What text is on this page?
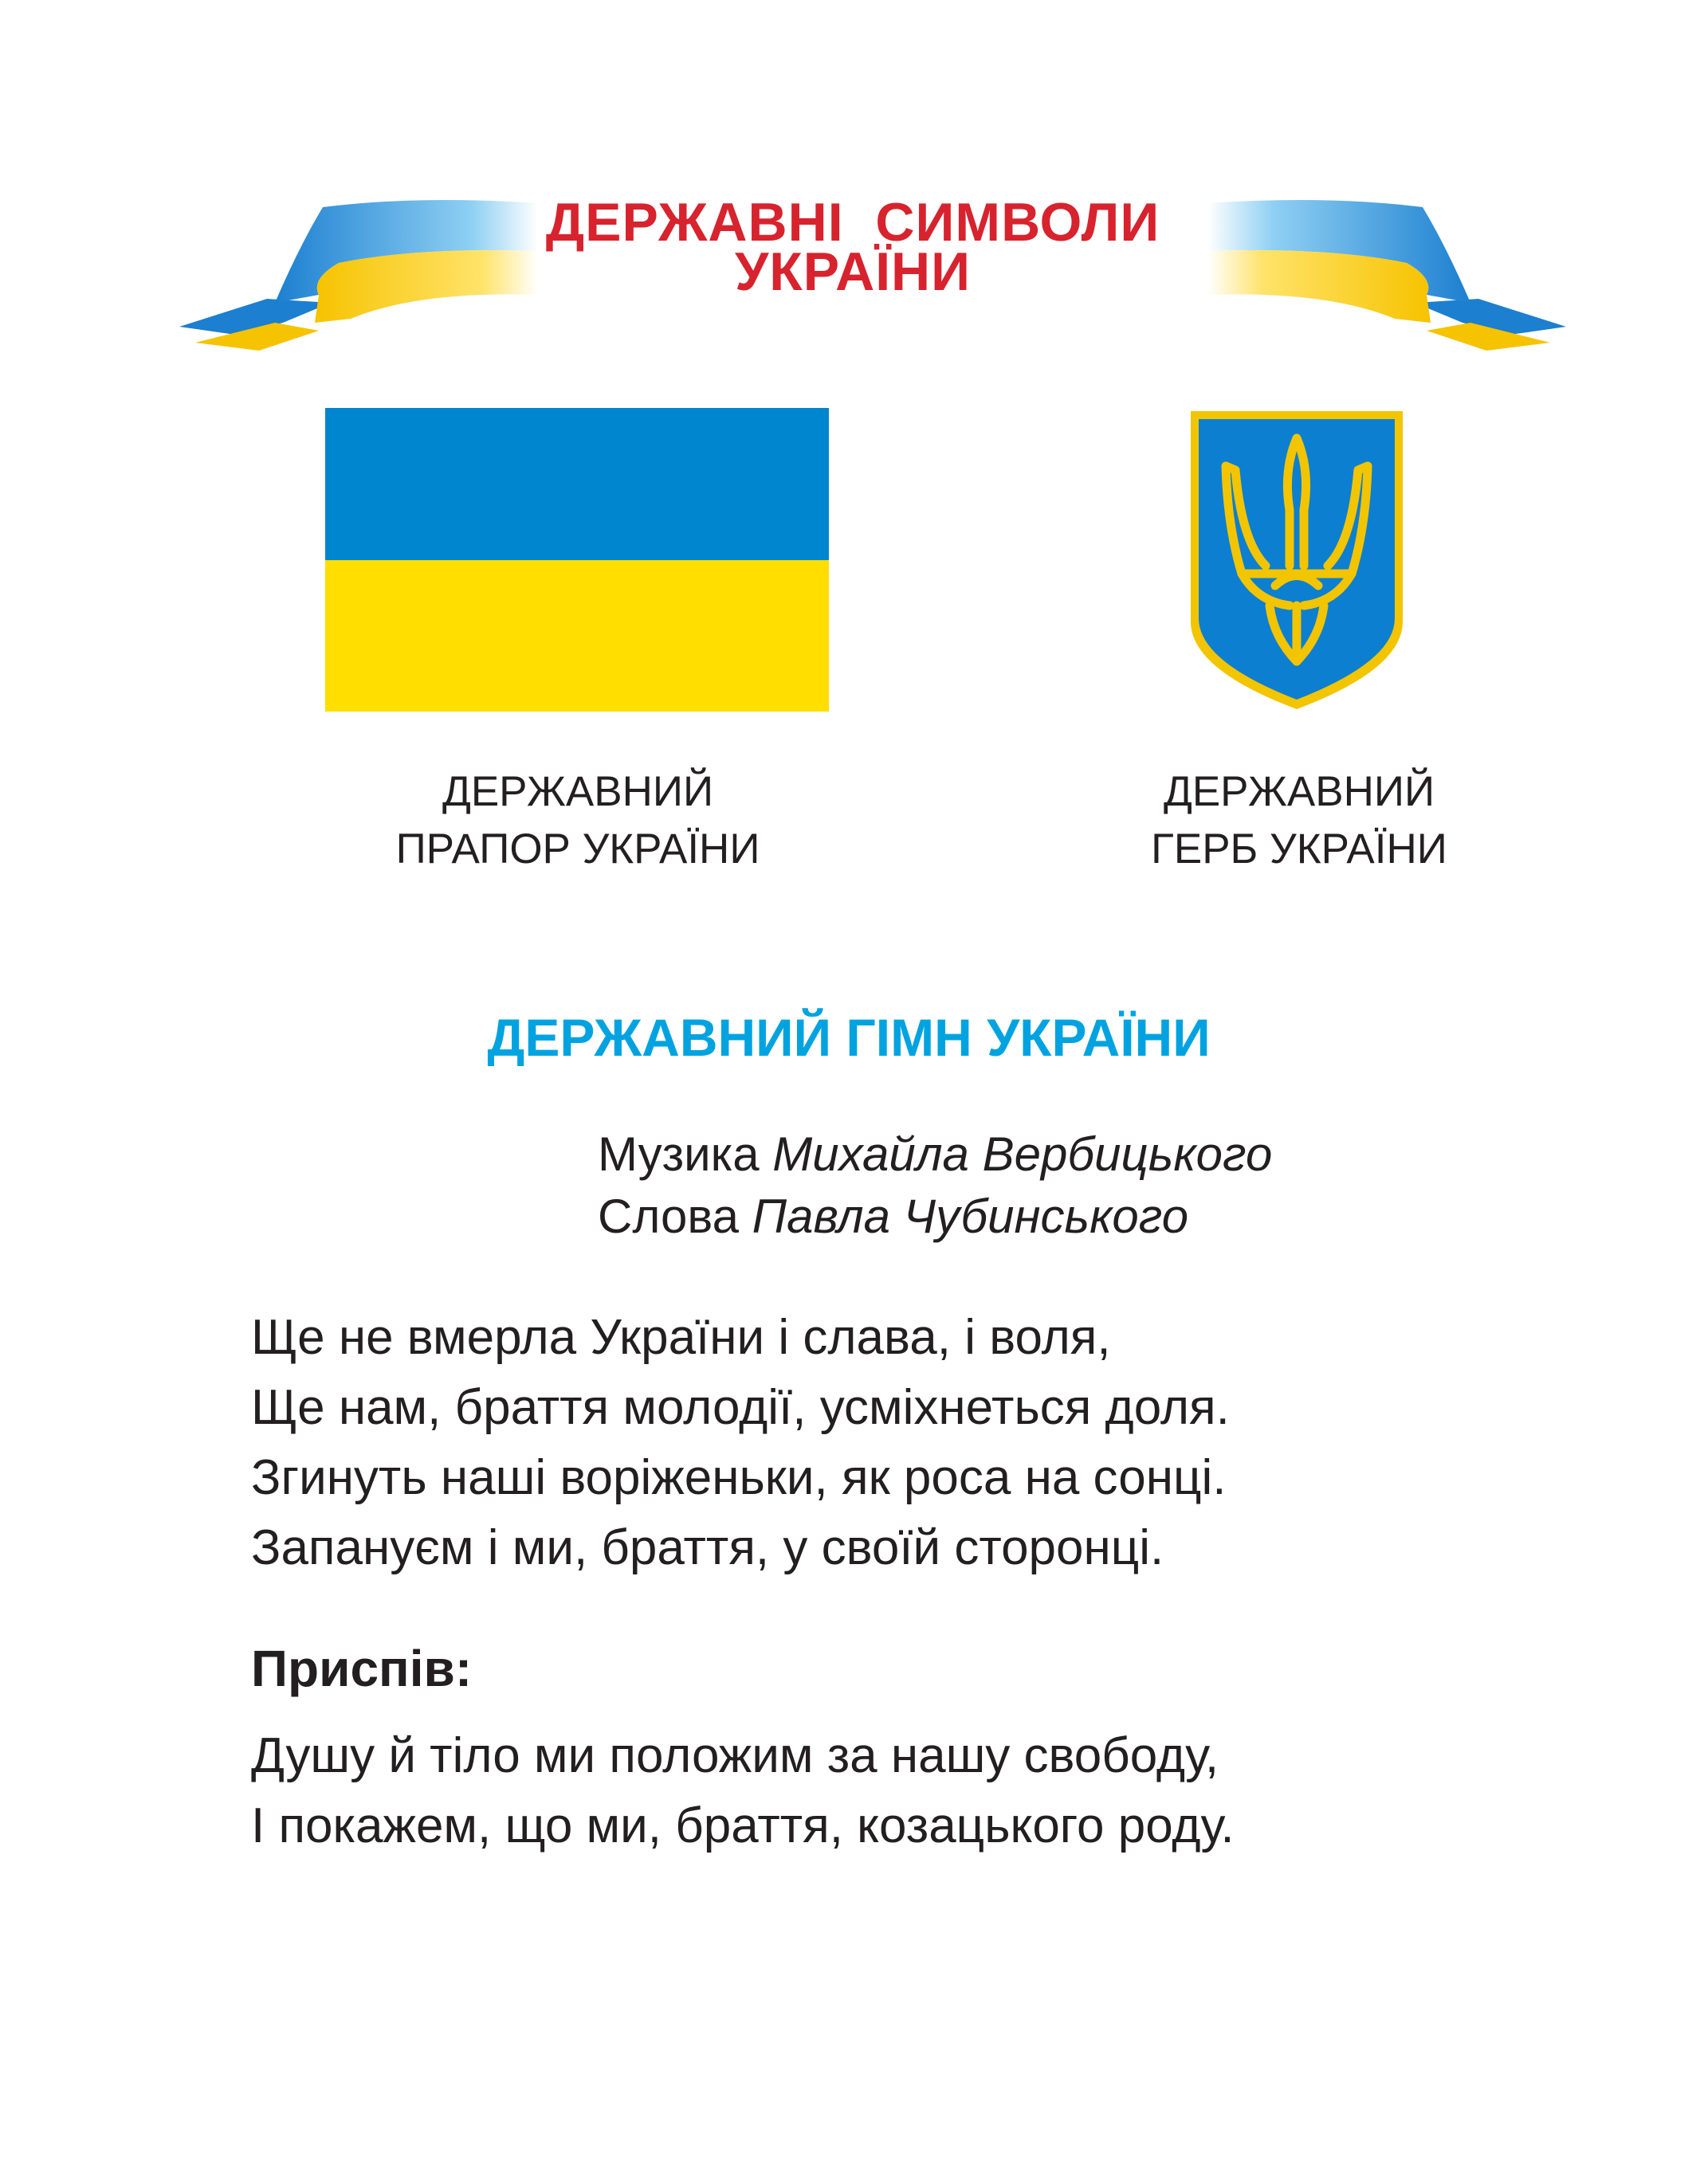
ДЕРЖАВНІ  СИМВОЛИ
УКРАЇНИ
ДЕРЖАВНИЙ
ПРАПОР УКРАЇНИ
ДЕРЖАВНИЙ
ГЕРБ УКРАЇНИ
ДЕРЖАВНИЙ ГІМН УКРАЇНИ
Музика Михайла Вербицького
Слова Павла Чубинського
Ще не вмерла України і слава, і воля,
Ще нам, браття молодії, усміхнеться доля.
Згинуть наші воріженьки, як роса на сонці.
Запануєм і ми, браття, у своїй сторонці.
Приспів:
Душу й тіло ми положим за нашу свободу,
І покажем, що ми, браття, козацького роду.
